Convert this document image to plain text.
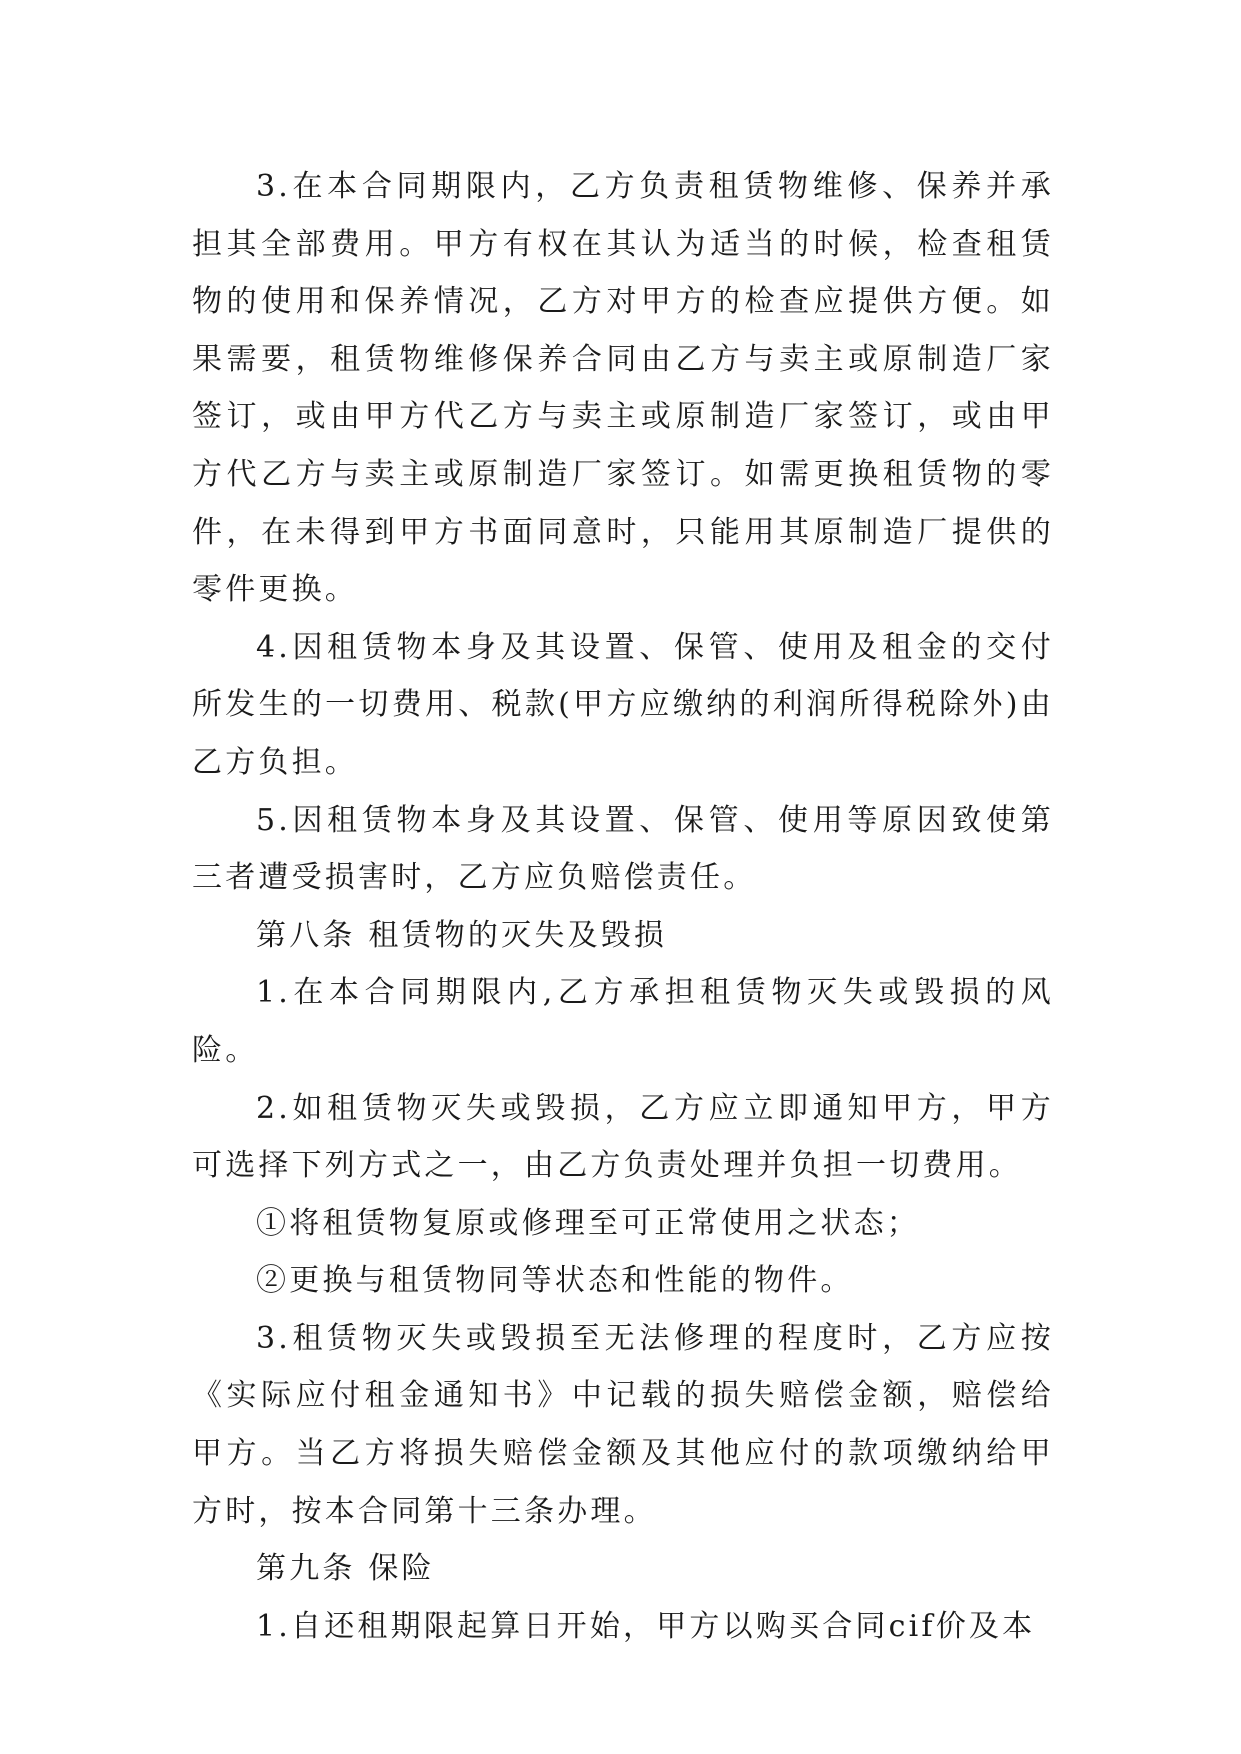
3.在本合同期限内，乙方负责租赁物维修、保养并承担其全部费用。甲方有权在其认为适当的时候，检查租赁物的使用和保养情况，乙方对甲方的检查应提供方便。如果需要，租赁物维修保养合同由乙方与卖主或原制造厂家签订，或由甲方代乙方与卖主或原制造厂家签订，或由甲方代乙方与卖主或原制造厂家签订。如需更换租赁物的零件，在未得到甲方书面同意时，只能用其原制造厂提供的零件更换。

4.因租赁物本身及其设置、保管、使用及租金的交付所发生的一切费用、税款(甲方应缴纳的利润所得税除外)由乙方负担。

5.因租赁物本身及其设置、保管、使用等原因致使第三者遭受损害时，乙方应负赔偿责任。

第八条 租赁物的灭失及毁损

1.在本合同期限内,乙方承担租赁物灭失或毁损的风险。

2.如租赁物灭失或毁损，乙方应立即通知甲方，甲方可选择下列方式之一，由乙方负责处理并负担一切费用。

①将租赁物复原或修理至可正常使用之状态；

②更换与租赁物同等状态和性能的物件。

3.租赁物灭失或毁损至无法修理的程度时，乙方应按《实际应付租金通知书》中记载的损失赔偿金额，赔偿给甲方。当乙方将损失赔偿金额及其他应付的款项缴纳给甲方时，按本合同第十三条办理。

第九条 保险

1.自还租期限起算日开始，甲方以购买合同cif价及本
